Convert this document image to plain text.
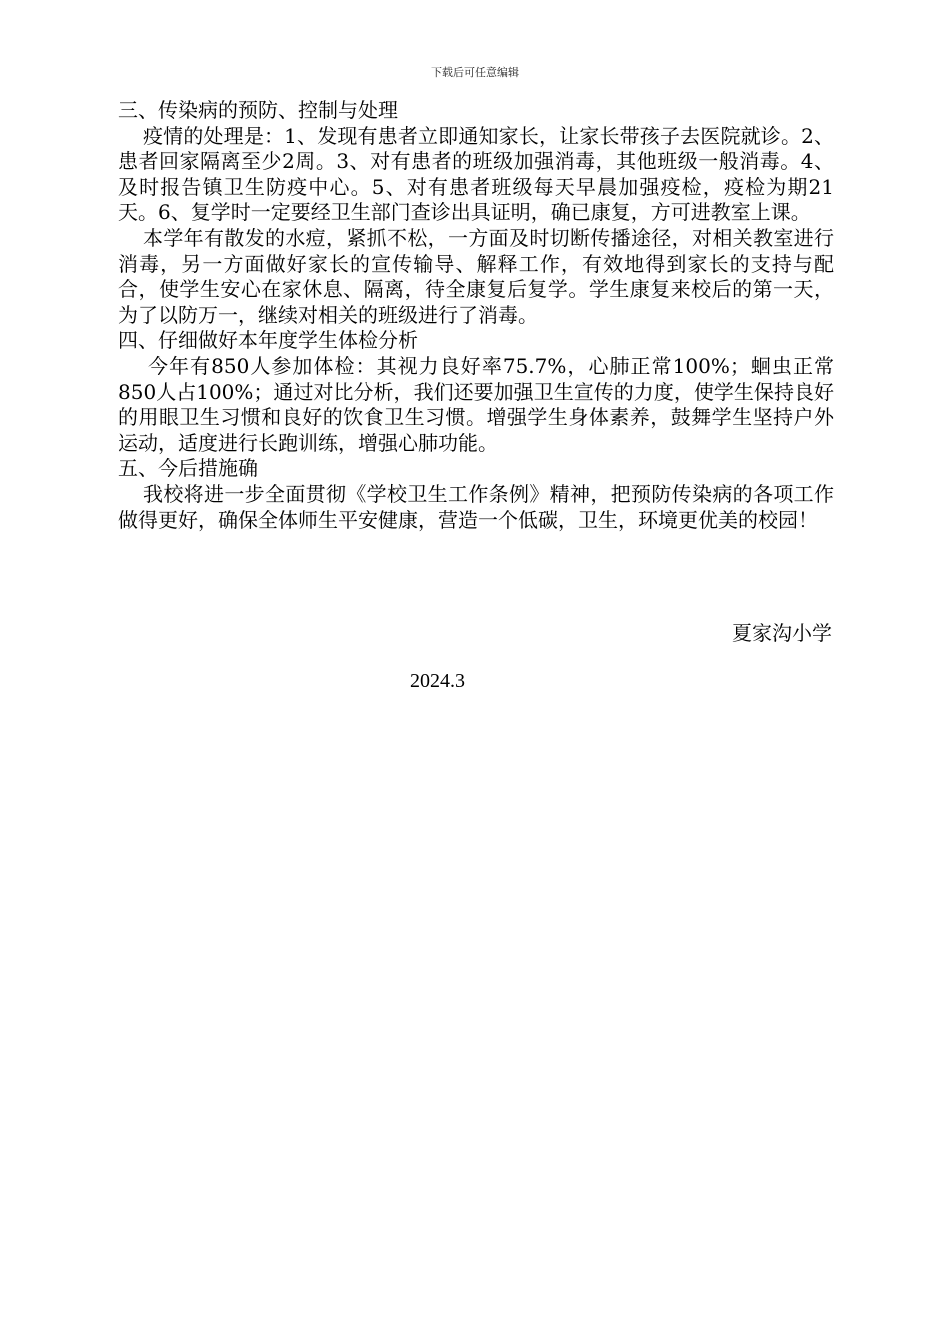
下载后可任意编辑

三、传染病的预防、控制与处理

疫情的处理是：1、发现有患者立即通知家长，让家长带孩子去医院就诊。2、患者回家隔离至少2周。3、对有患者的班级加强消毒，其他班级一般消毒。4、及时报告镇卫生防疫中心。5、对有患者班级每天早晨加强疫检，疫检为期21天。6、复学时一定要经卫生部门查诊出具证明，确已康复，方可进教室上课。

本学年有散发的水痘，紧抓不松，一方面及时切断传播途径，对相关教室进行消毒，另一方面做好家长的宣传输导、解释工作，有效地得到家长的支持与配合，使学生安心在家休息、隔离，待全康复后复学。学生康复来校后的第一天，为了以防万一，继续对相关的班级进行了消毒。

四、仔细做好本年度学生体检分析

今年有850人参加体检：其视力良好率75.7%，心肺正常100%；蛔虫正常850人占100%；通过对比分析，我们还要加强卫生宣传的力度，使学生保持良好的用眼卫生习惯和良好的饮食卫生习惯。增强学生身体素养，鼓舞学生坚持户外运动，适度进行长跑训练，增强心肺功能。

五、今后措施确

我校将进一步全面贯彻《学校卫生工作条例》精神，把预防传染病的各项工作做得更好，确保全体师生平安健康，营造一个低碳，卫生，环境更优美的校园！

夏家沟小学
2024.3
